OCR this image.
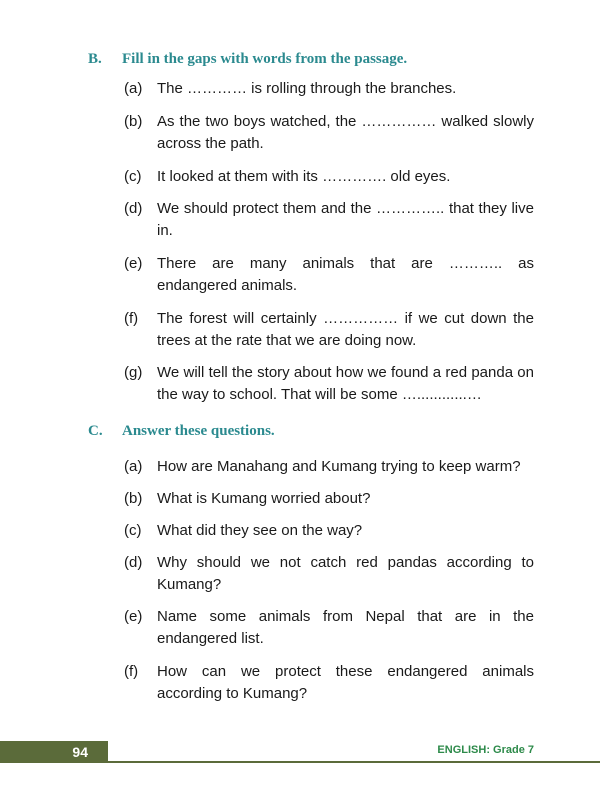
B. Fill in the gaps with words from the passage.
(a) The ………… is rolling through the branches.
(b) As the two boys watched, the …………… walked slowly across the path.
(c)	It looked at them with its …………. old eyes.
(d) We should protect them and the ………….. that they live in.
(e) There are many animals that are ……….. as endangered animals.
(f)	The forest will certainly …………… if we cut down the trees at the rate that we are doing now.
(g) We will tell the story about how we found a red panda on the way to school. That will be some …............…
C. Answer these questions.
(a) How are Manahang and Kumang trying to keep warm?
(b) What is Kumang worried about?
(c)	What did they see on the way?
(d) Why should we not catch red pandas according to Kumang?
(e) Name some animals from Nepal that are in the endangered list.
(f)	How can we protect these endangered animals according to Kumang?
94	ENGLISH: Grade 7
